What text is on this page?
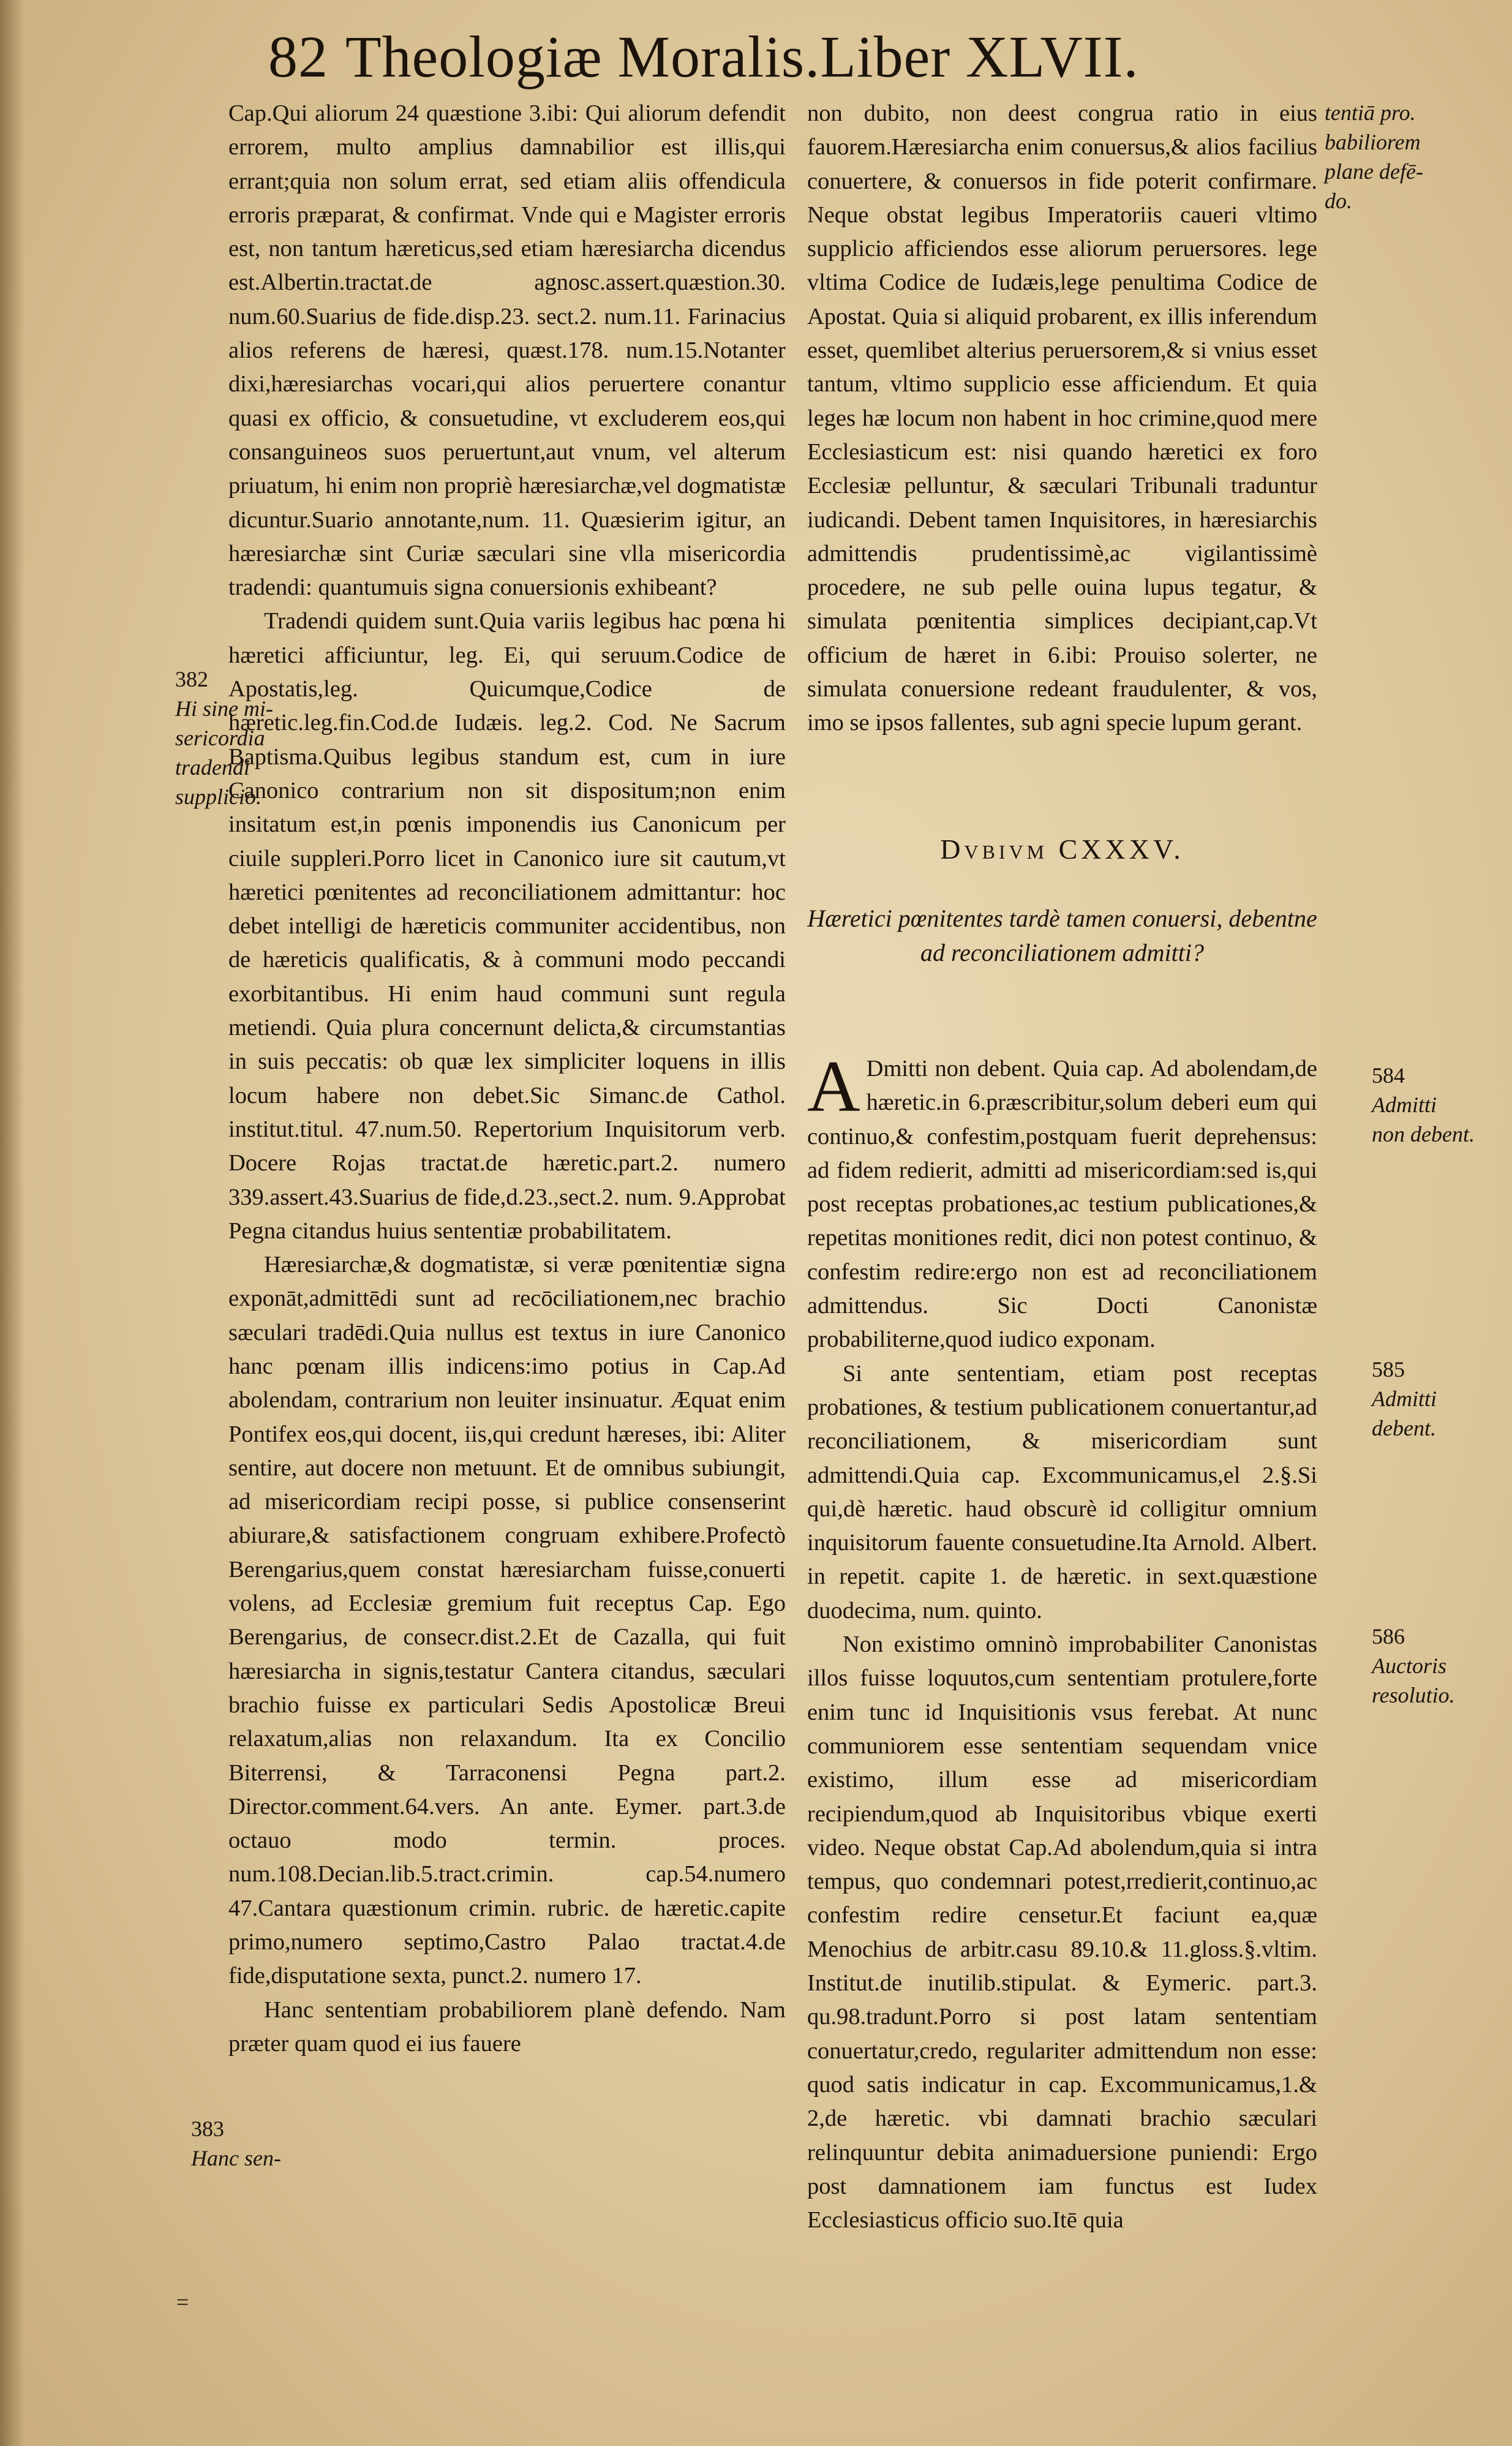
82 Theologiæ Moralis.Liber XLVII.

Cap.Qui aliorum 24 quæstione 3.ibi: Qui aliorum defendit errorem, multo amplius damnabilior est illis,qui errant;quia non solum errat, sed etiam aliis offendicula erroris præparat, & confirmat. Vnde qui e Magister erroris est, non tantum hæreticus,sed etiam hæresiarcha dicendus est.Albertin.tractat.de agnosc.assert.quæstion.30. num.60.Suarius de fide.disp.23. sect.2. num.11. Farinacius alios referens de hæresi, quæst.178. num.15.Notanter dixi,hæresiarchas vocari,qui alios peruertere conantur quasi ex officio, & consuetudine, vt excluderem eos,qui consanguineos suos peruertunt,aut vnum, vel alterum priuatum, hi enim non propriè hæresiarchæ,vel dogmatistæ dicuntur.Suario annotante,num. 11. Quæsierim igitur, an hæresiarchæ sint Curiæ sæculari sine vlla misericordia tradendi: quantumuis signa conuersionis exhibeant?

Tradendi quidem sunt.Quia variis legibus hac pœna hi hæretici afficiuntur, leg. Ei, qui seruum.Codice de Apostatis,leg. Quicumque,Codice de hæretic.leg.fin.Cod.de Iudæis. leg.2. Cod. Ne Sacrum Baptisma.Quibus legibus standum est, cum in iure Canonico contrarium non sit dispositum;non enim insitatum est,in pœnis imponendis ius Canonicum per ciuile suppleri.Porro licet in Canonico iure sit cautum,vt hæretici pœnitentes ad reconciliationem admittantur: hoc debet intelligi de hæreticis communiter accidentibus, non de hæreticis qualificatis, & à communi modo peccandi exorbitantibus. Hi enim haud communi sunt regula metiendi. Quia plura concernunt delicta,& circumstantias in suis peccatis: ob quæ lex simpliciter loquens in illis locum habere non debet.Sic Simanc.de Cathol. institut.titul. 47.num.50. Repertorium Inquisitorum verb. Docere Rojas tractat.de hæretic.part.2. numero 339.assert.43.Suarius de fide,d.23.,sect.2. num. 9.Approbat Pegna citandus huius sententiæ probabilitatem.

Hæresiarchæ,& dogmatistæ, si veræ pœnitentiæ signa exponāt,admittēdi sunt ad recōciliationem,nec brachio sæculari tradēdi.Quia nullus est textus in iure Canonico hanc pœnam illis indicens:imo potius in Cap.Ad abolendam, contrarium non leuiter insinuatur. Æquat enim Pontifex eos,qui docent, iis,qui credunt hæreses, ibi: Aliter sentire, aut docere non metuunt. Et de omnibus subiungit, ad misericordiam recipi posse, si publice consenserint abiurare,& satisfactionem congruam exhibere.Profectò Berengarius,quem constat hæresiarcham fuisse,conuerti volens, ad Ecclesiæ gremium fuit receptus Cap. Ego Berengarius, de consecr.dist.2.Et de Cazalla, qui fuit hæresiarcha in signis,testatur Cantera citandus, sæculari brachio fuisse ex particulari Sedis Apostolicæ Breui relaxatum,alias non relaxandum. Ita ex Concilio Biterrensi, & Tarraconensi Pegna part.2. Director.comment.64.vers. An ante. Eymer. part.3.de octauo modo termin. proces. num.108.Decian.lib.5.tract.crimin. cap.54.numero 47.Cantara quæstionum crimin. rubric. de hæretic.capite primo,numero septimo,Castro Palao tractat.4.de fide,disputatione sexta, punct.2. numero 17.

Hanc sententiam probabiliorem planè defendo. Nam præter quam quod ei ius fauere

non dubito, non deest congrua ratio in eius fauorem.Hæresiarcha enim conuersus,& alios facilius conuertere, & conuersos in fide poterit confirmare. Neque obstat legibus Imperatoriis caueri vltimo supplicio afficiendos esse aliorum peruersores. lege vltima Codice de Iudæis,lege penultima Codice de Apostat. Quia si aliquid probarent, ex illis inferendum esset, quemlibet alterius peruersorem,& si vnius esset tantum, vltimo supplicio esse afficiendum. Et quia leges hæ locum non habent in hoc crimine,quod mere Ecclesiasticum est: nisi quando hæretici ex foro Ecclesiæ pelluntur, & sæculari Tribunali traduntur iudicandi. Debent tamen Inquisitores, in hæresiarchis admittendis prudentissimè,ac vigilantissimè procedere, ne sub pelle ouina lupus tegatur, & simulata pœnitentia simplices decipiant,cap.Vt officium de hæret in 6.ibi: Prouiso solerter, ne simulata conuersione redeant fraudulenter, & vos, imo se ipsos fallentes, sub agni specie lupum gerant.

Dvbivm CXXXV.
Hæretici pœnitentes tardè tamen conuersi, debentne ad reconciliationem admitti?

A Dmitti non debent. Quia cap. Ad abolendam,de hæretic.in 6.præscribitur,solum deberi eum qui continuo,& confestim,postquam fuerit deprehensus: ad fidem redierit, admitti ad misericordiam:sed is,qui post receptas probationes,ac testium publicationes,& repetitas monitiones redit, dici non potest continuo, & confestim redire:ergo non est ad reconciliationem admittendus. Sic Docti Canonistæ probabiliterne,quod iudico exponam.

Si ante sententiam, etiam post receptas probationes, & testium publicationem conuertantur,ad reconciliationem, & misericordiam sunt admittendi.Quia cap. Excommunicamus,el 2.§.Si qui,dè hæretic. haud obscurè id colligitur omnium inquisitorum fauente consuetudine.Ita Arnold. Albert. in repetit. capite 1. de hæretic. in sext.quæstione duodecima, num. quinto.

Non existimo omninò improbabiliter Canonistas illos fuisse loquutos,cum sententiam protulere,forte enim tunc id Inquisitionis vsus ferebat. At nunc communiorem esse sententiam sequendam vnice existimo, illum esse ad misericordiam recipiendum,quod ab Inquisitoribus vbique exerti video. Neque obstat Cap.Ad abolendum,quia si intra tempus, quo condemnari potest,rredierit,continuo,ac confestim redire censetur.Et faciunt ea,quæ Menochius de arbitr.casu 89.10.& 11.gloss.§.vltim. Institut.de inutilib.stipulat. & Eymeric. part.3. qu.98.tradunt.Porro si post latam sententiam conuertatur,credo, regulariter admittendum non esse: quod satis indicatur in cap. Excommunicamus,1.& 2,de hæretic. vbi damnati brachio sæculari relinquuntur debita animaduersione puniendi: Ergo post damnationem iam functus est Iudex Ecclesiasticus officio suo.Itē quia

382
Hi sine mi-
sericordia
tradendi
supplicio.
383
Hanc sen-
tentiā pro.
babiliorem
plane defē-
do.
584
Admitti
non debent.
585
Admitti
debent.
586
Auctoris
resolutio.
=
